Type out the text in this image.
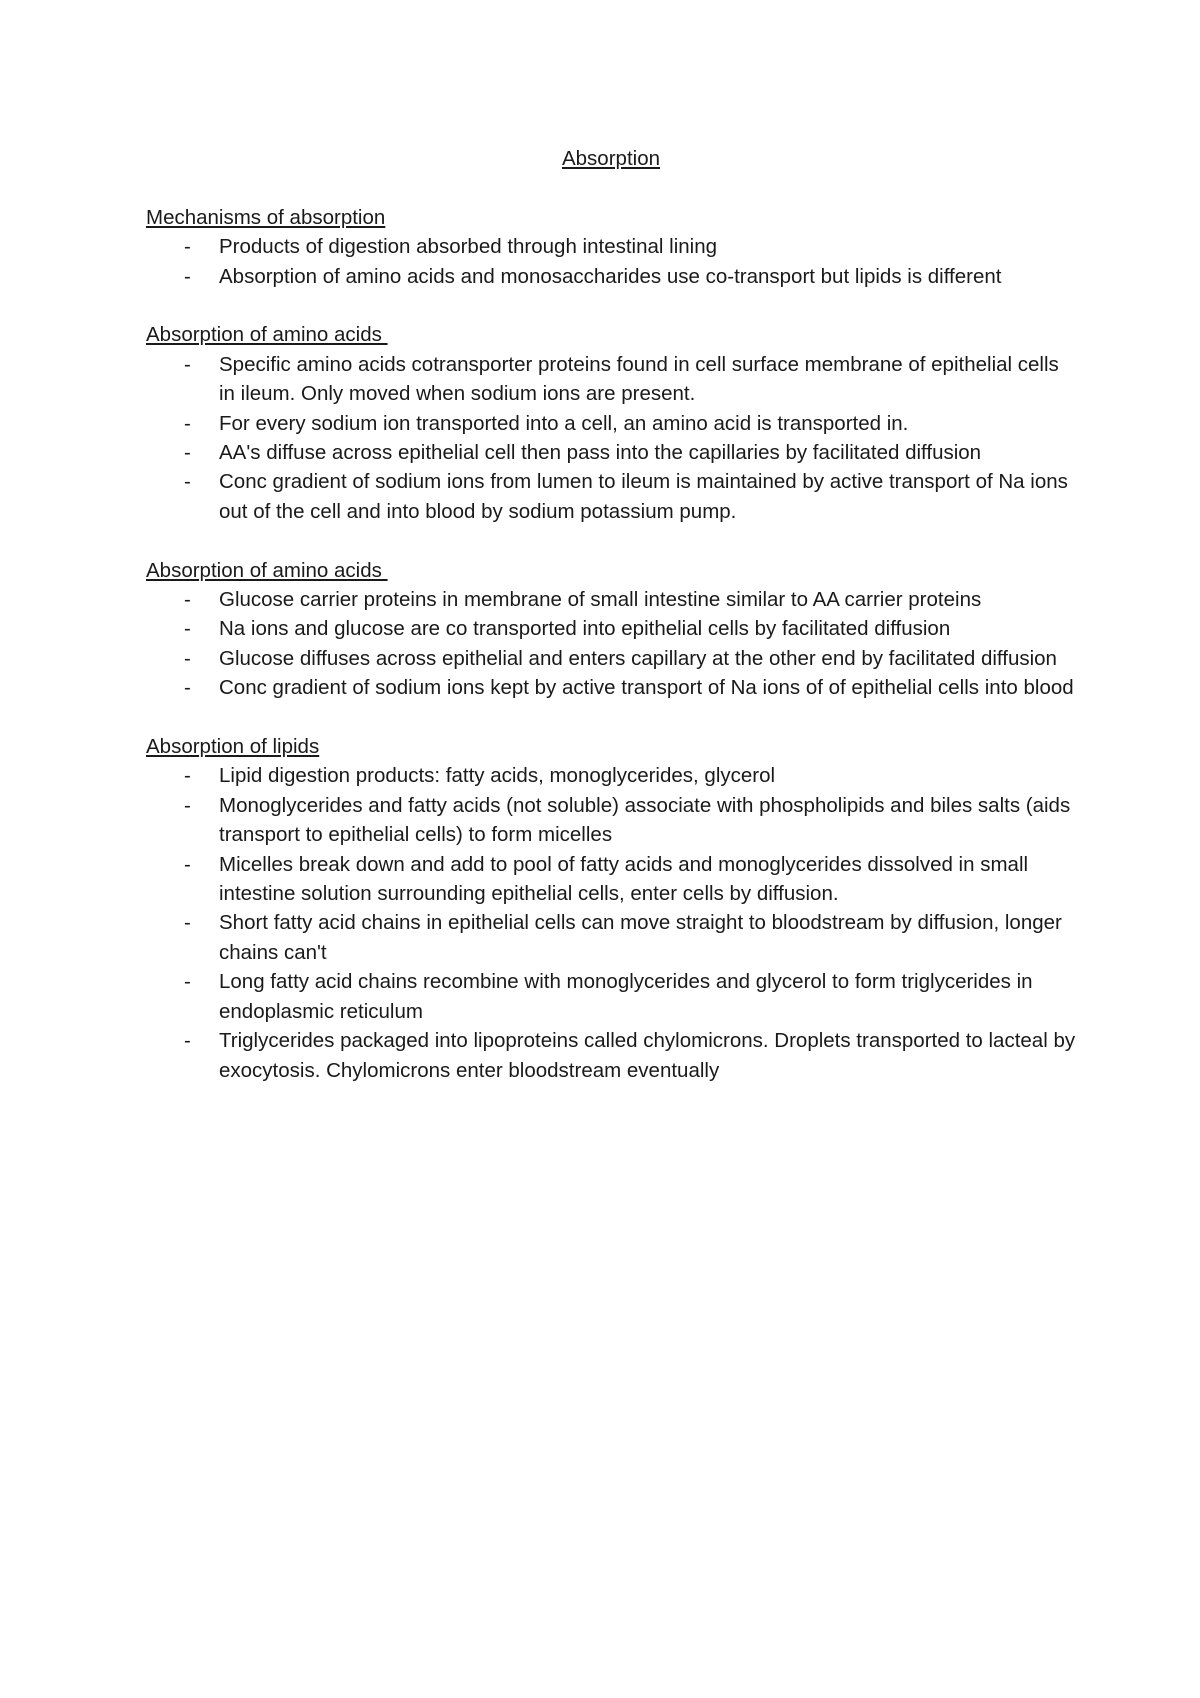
Absorption
Mechanisms of absorption
- Products of digestion absorbed through intestinal lining
- Absorption of amino acids and monosaccharides use co-transport but lipids is different
Absorption of amino acids
- Specific amino acids cotransporter proteins found in cell surface membrane of epithelial cells in ileum. Only moved when sodium ions are present.
- For every sodium ion transported into a cell, an amino acid is transported in.
- AA's diffuse across epithelial cell then pass into the capillaries by facilitated diffusion
- Conc gradient of sodium ions from lumen to ileum is maintained by active transport of Na ions out of the cell and into blood by sodium potassium pump.
Absorption of amino acids
- Glucose carrier proteins in membrane of small intestine similar to AA carrier proteins
- Na ions and glucose are co transported into epithelial cells by facilitated diffusion
- Glucose diffuses across epithelial and enters capillary at the other end by facilitated diffusion
- Conc gradient of sodium ions kept by active transport of Na ions of of epithelial cells into blood
Absorption of lipids
- Lipid digestion products: fatty acids, monoglycerides, glycerol
- Monoglycerides and fatty acids (not soluble) associate with phospholipids and biles salts (aids transport to epithelial cells) to form micelles
- Micelles break down and add to pool of fatty acids and monoglycerides dissolved in small intestine solution surrounding epithelial cells, enter cells by diffusion.
- Short fatty acid chains in epithelial cells can move straight to bloodstream by diffusion, longer chains can't
- Long fatty acid chains recombine with monoglycerides and glycerol to form triglycerides in endoplasmic reticulum
- Triglycerides packaged into lipoproteins called chylomicrons. Droplets transported to lacteal by exocytosis. Chylomicrons enter bloodstream eventually
